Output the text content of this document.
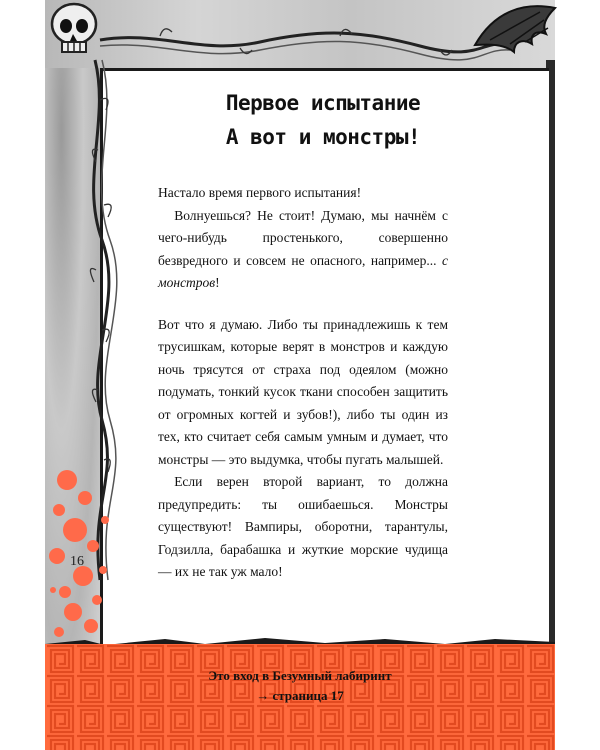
Первое испытание
А вот и монстры!

Настало время первого испытания!

Волнуешься? Не стоит! Думаю, мы начнём с чего-нибудь простенького, совершенно безвредного и совсем не опасного, например... с монстров!

Вот что я думаю. Либо ты принадлежишь к тем трусишкам, которые верят в монстров и каждую ночь трясутся от страха под одеялом (можно подумать, тонкий кусок ткани способен защитить от огромных когтей и зубов!), либо ты один из тех, кто считает себя самым умным и думает, что монстры — это выдумка, чтобы пугать малышей.

Если верен второй вариант, то должна предупредить: ты ошибаешься. Монстры существуют! Вампиры, оборотни, тарантулы, Годзилла, барабашка и жуткие морские чудища — их не так уж мало!

16
Это вход в Безумный лабиринт
→ страница 17
